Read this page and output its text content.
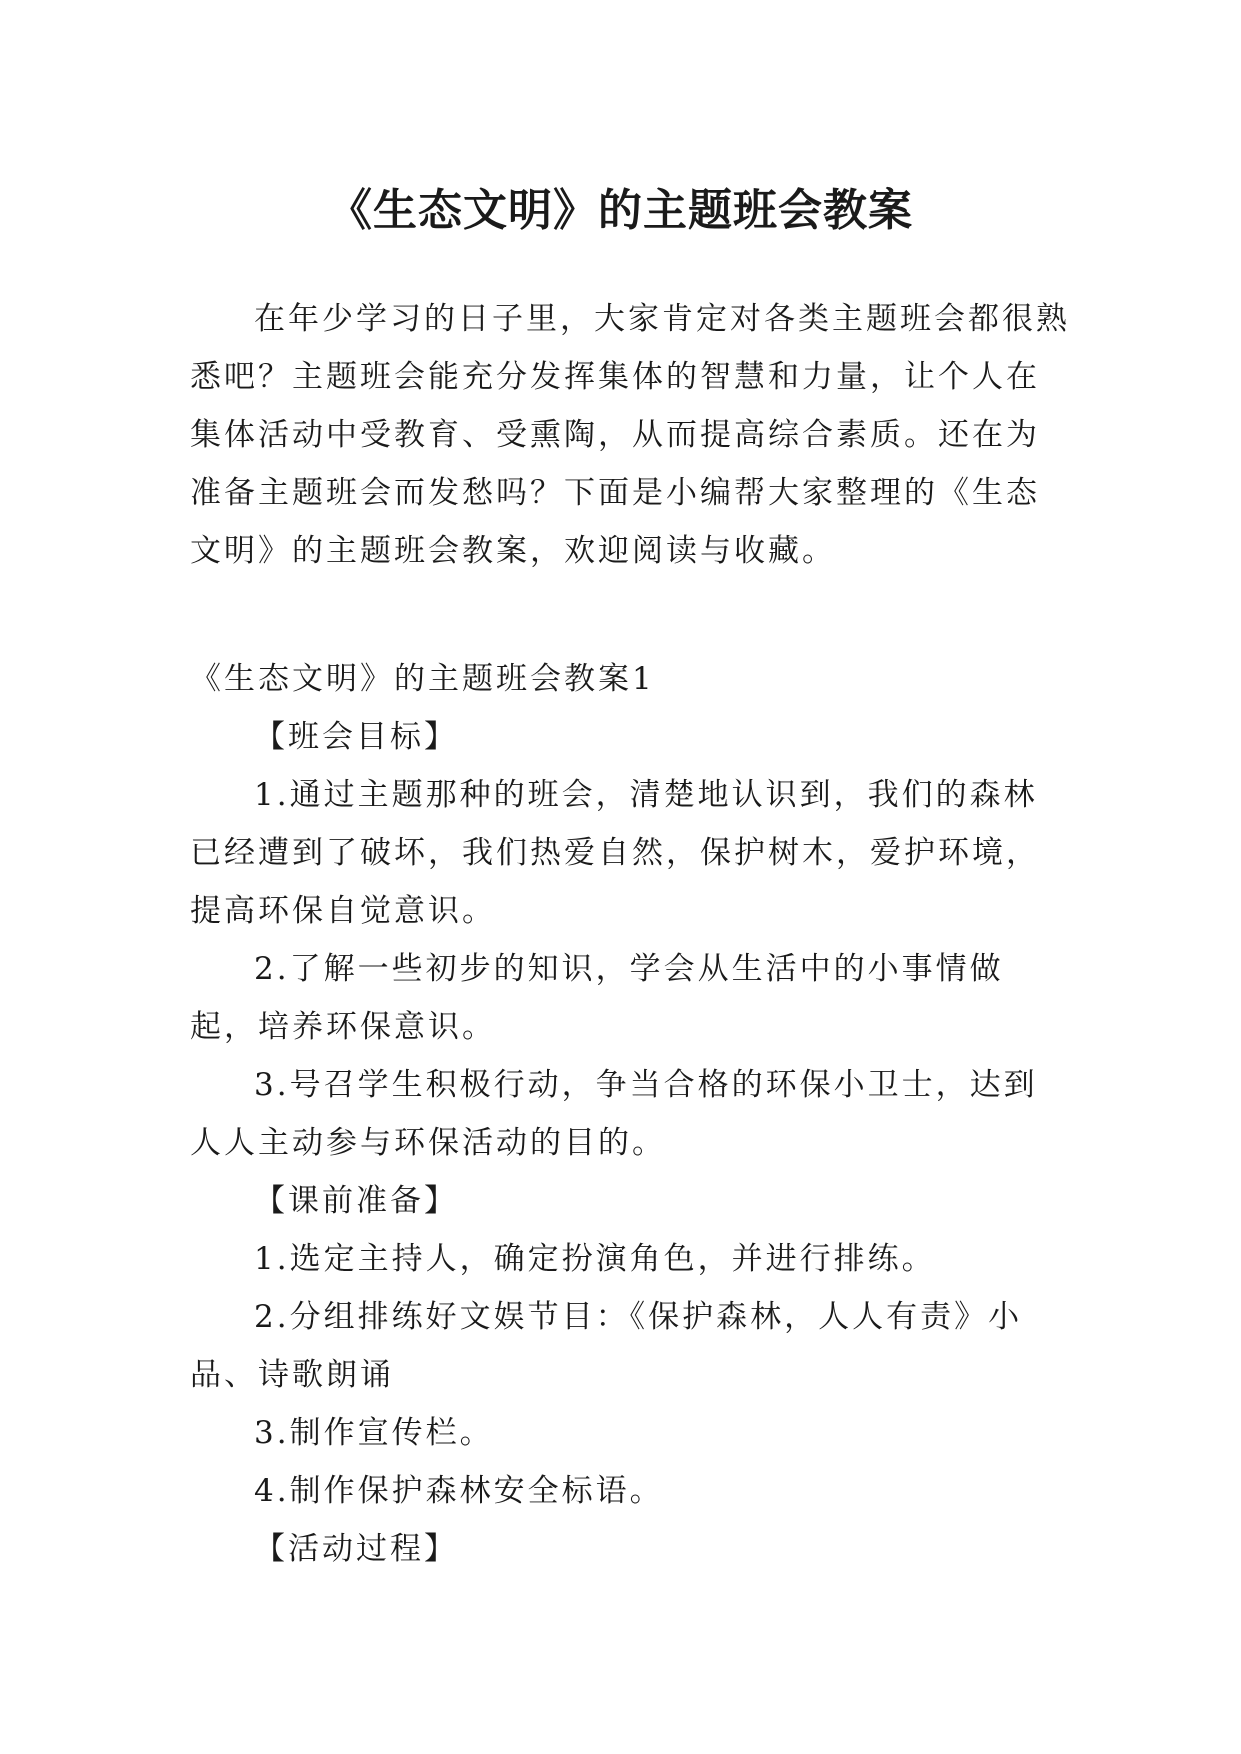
《生态文明》的主题班会教案

在年少学习的日子里，大家肯定对各类主题班会都很熟悉吧？主题班会能充分发挥集体的智慧和力量，让个人在集体活动中受教育、受熏陶，从而提高综合素质。还在为准备主题班会而发愁吗？下面是小编帮大家整理的《生态文明》的主题班会教案，欢迎阅读与收藏。

《生态文明》的主题班会教案1

【班会目标】

1.通过主题那种的班会，清楚地认识到，我们的森林已经遭到了破坏，我们热爱自然，保护树木，爱护环境，提高环保自觉意识。

2.了解一些初步的知识，学会从生活中的小事情做起，培养环保意识。

3.号召学生积极行动，争当合格的环保小卫士，达到人人主动参与环保活动的目的。

【课前准备】

1.选定主持人，确定扮演角色，并进行排练。

2.分组排练好文娱节目：《保护森林，人人有责》小品、诗歌朗诵

3.制作宣传栏。

4.制作保护森林安全标语。

【活动过程】
